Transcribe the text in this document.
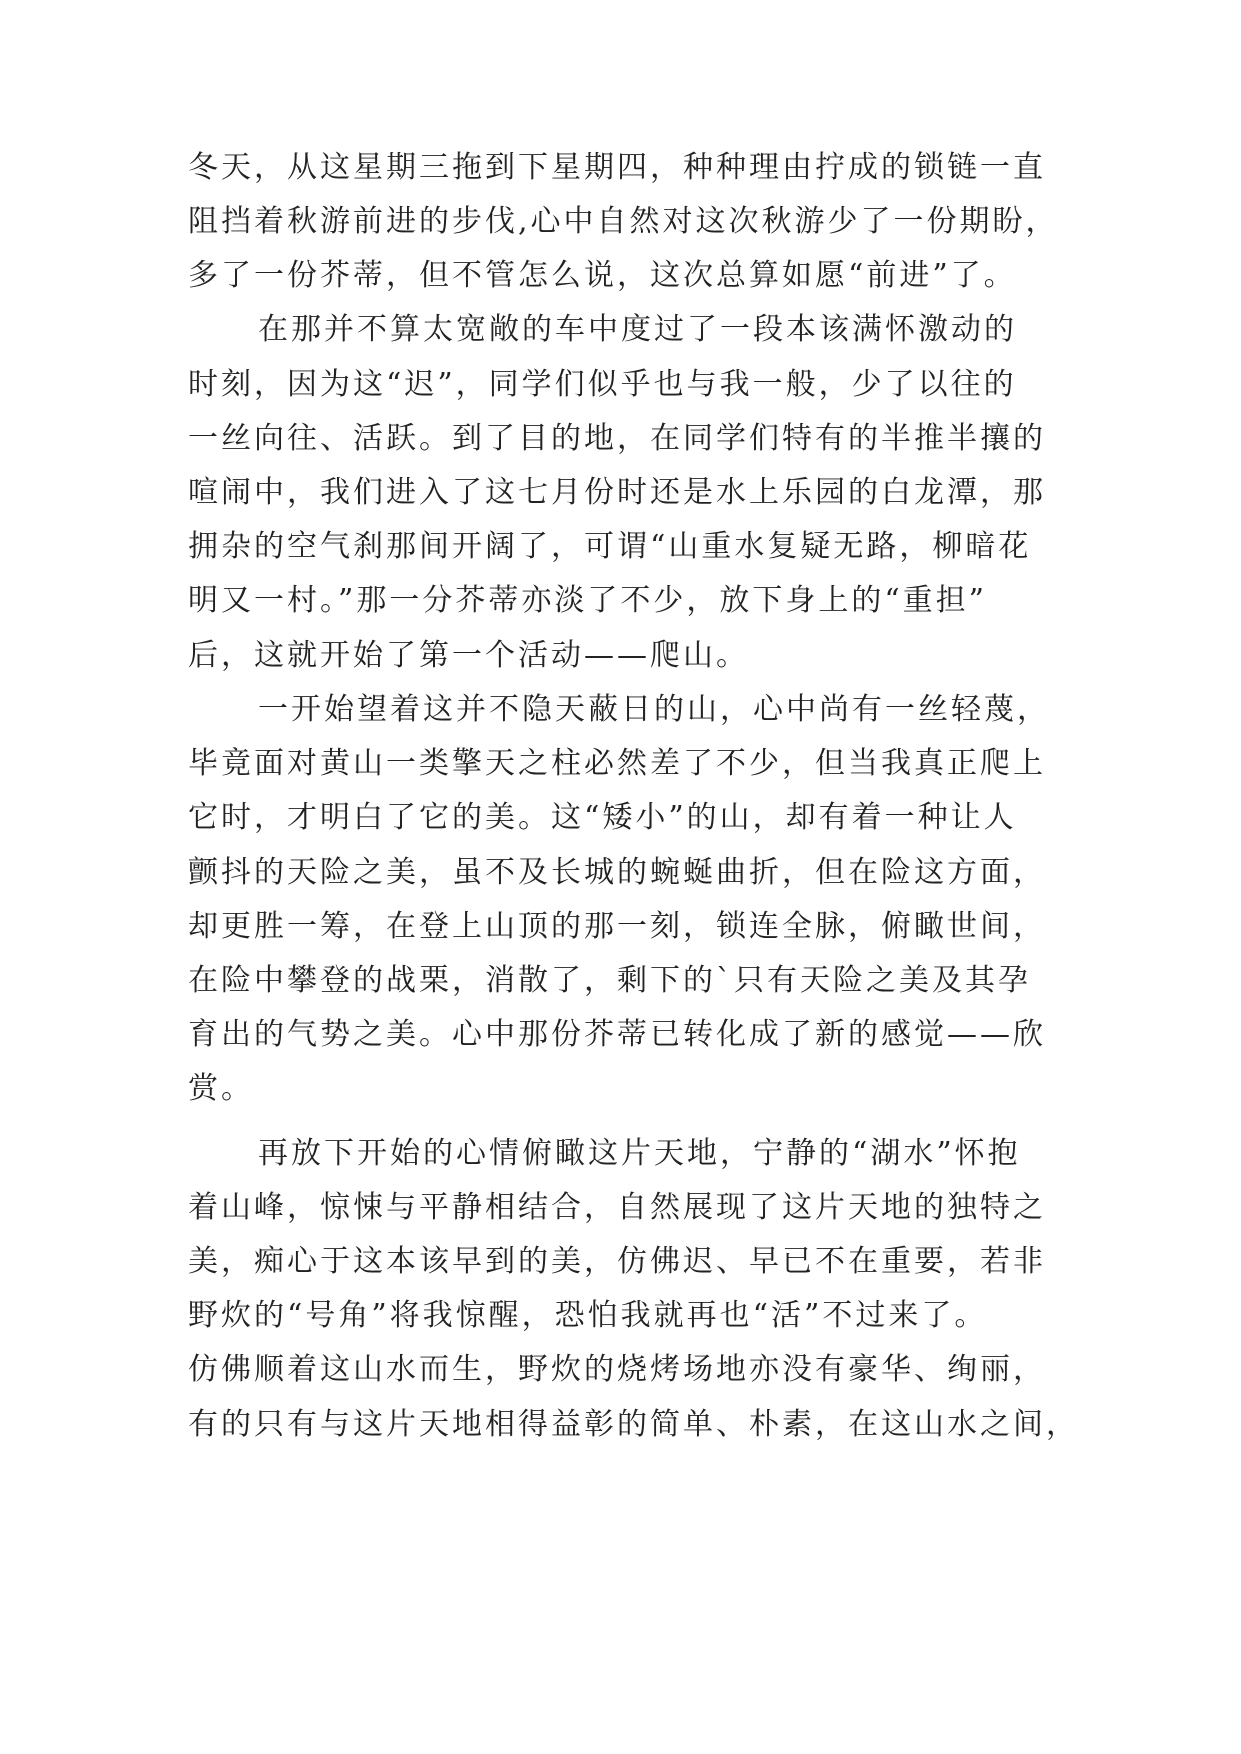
冬天，从这星期三拖到下星期四，种种理由拧成的锁链一直
阻挡着秋游前进的步伐,心中自然对这次秋游少了一份期盼，
多了一份芥蒂，但不管怎么说，这次总算如愿“前进”了。
在那并不算太宽敞的车中度过了一段本该满怀激动的
时刻，因为这“迟”，同学们似乎也与我一般，少了以往的
一丝向往、活跃。到了目的地，在同学们特有的半推半攘的
喧闹中，我们进入了这七月份时还是水上乐园的白龙潭，那
拥杂的空气刹那间开阔了，可谓“山重水复疑无路，柳暗花
明又一村。”那一分芥蒂亦淡了不少，放下身上的“重担”
后，这就开始了第一个活动——爬山。
一开始望着这并不隐天蔽日的山，心中尚有一丝轻蔑，
毕竟面对黄山一类擎天之柱必然差了不少，但当我真正爬上
它时，才明白了它的美。这“矮小”的山，却有着一种让人
颤抖的天险之美，虽不及长城的蜿蜒曲折，但在险这方面，
却更胜一筹，在登上山顶的那一刻，锁连全脉，俯瞰世间，
在险中攀登的战栗，消散了，剩下的`只有天险之美及其孕
育出的气势之美。心中那份芥蒂已转化成了新的感觉——欣
赏。
再放下开始的心情俯瞰这片天地，宁静的“湖水”怀抱
着山峰，惊悚与平静相结合，自然展现了这片天地的独特之
美，痴心于这本该早到的美，仿佛迟、早已不在重要，若非
野炊的“号角”将我惊醒，恐怕我就再也“活”不过来了。
仿佛顺着这山水而生，野炊的烧烤场地亦没有豪华、绚丽，
有的只有与这片天地相得益彰的简单、朴素，在这山水之间，
